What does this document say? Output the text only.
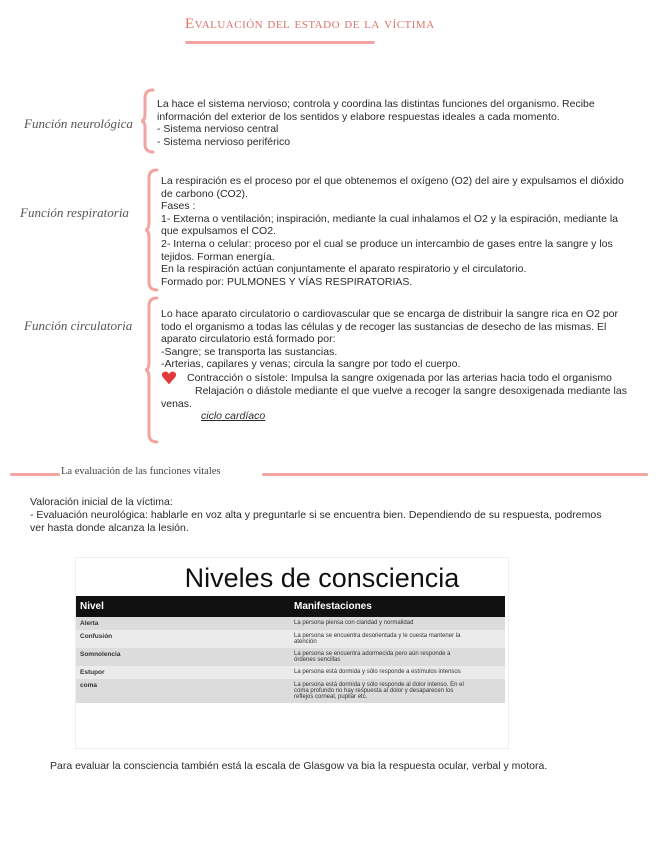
Evaluación del estado de la víctima
Función neurológica
La hace el sistema nervioso; controla y coordina las distintas funciones del organismo. Recibe
información del exterior de los sentidos y elabore respuestas ideales a cada momento.
- Sistema nervioso central
- Sistema nervioso periférico
Función respiratoria
La respiración es el proceso por el que obtenemos el oxígeno (O2) del aire y expulsamos el dióxido
de carbono (CO2).
Fases :
1- Externa o ventilación; inspiración, mediante la cual inhalamos el O2 y la espiración, mediante la
que expulsamos el CO2.
2- Interna o celular: proceso por el cual se produce un intercambio de gases entre la sangre y los
tejidos. Forman energía.
En la respiración actúan conjuntamente el aparato respiratorio y el circulatorio.
Formado por: PULMONES Y VÍAS RESPIRATORIAS.
Función circulatoria
Lo hace aparato circulatorio o cardiovascular que se encarga de distribuir la sangre rica en O2 por
todo el organismo a todas las células y de recoger las sustancias de desecho de las mismas. El
aparato circulatorio está formado por:
-Sangre; se transporta las sustancias.
-Arterias, capilares y venas; circula la sangre por todo el cuerpo.
Contracción o sístole: Impulsa la sangre oxigenada por las arterias hacia todo el organismo
Relajación o diástole mediante el que vuelve a recoger la sangre desoxigenada mediante las
venas.
ciclo cardíaco
La evaluación de las funciones vitales
Valoración inicial de la víctima:
- Evaluación neurológica: hablarle en voz alta y preguntarle si se encuentra bien. Dependiendo de su respuesta, podremos
ver hasta donde alcanza la lesión.
Niveles de consciencia
Nivel	Manifestaciones
Alerta	La persona piensa con claridad y normalidad

Confusión	La persona se encuentra desorientada y le cuesta mantener la
atención

Somnolencia	La persona se encuentra adormecida pero aún responde a
órdenes sencillas

Estupor	La persona está dormida y sólo responde a estímulos intensos

coma	La persona está dormida y sólo responde al dolor intenso. En el
coma profundo no hay respuesta al dolor y desaparecen los
reflejos corneal, pupilar etc.
Para evaluar la consciencia también está la escala de Glasgow va bia la respuesta ocular, verbal y motora.
